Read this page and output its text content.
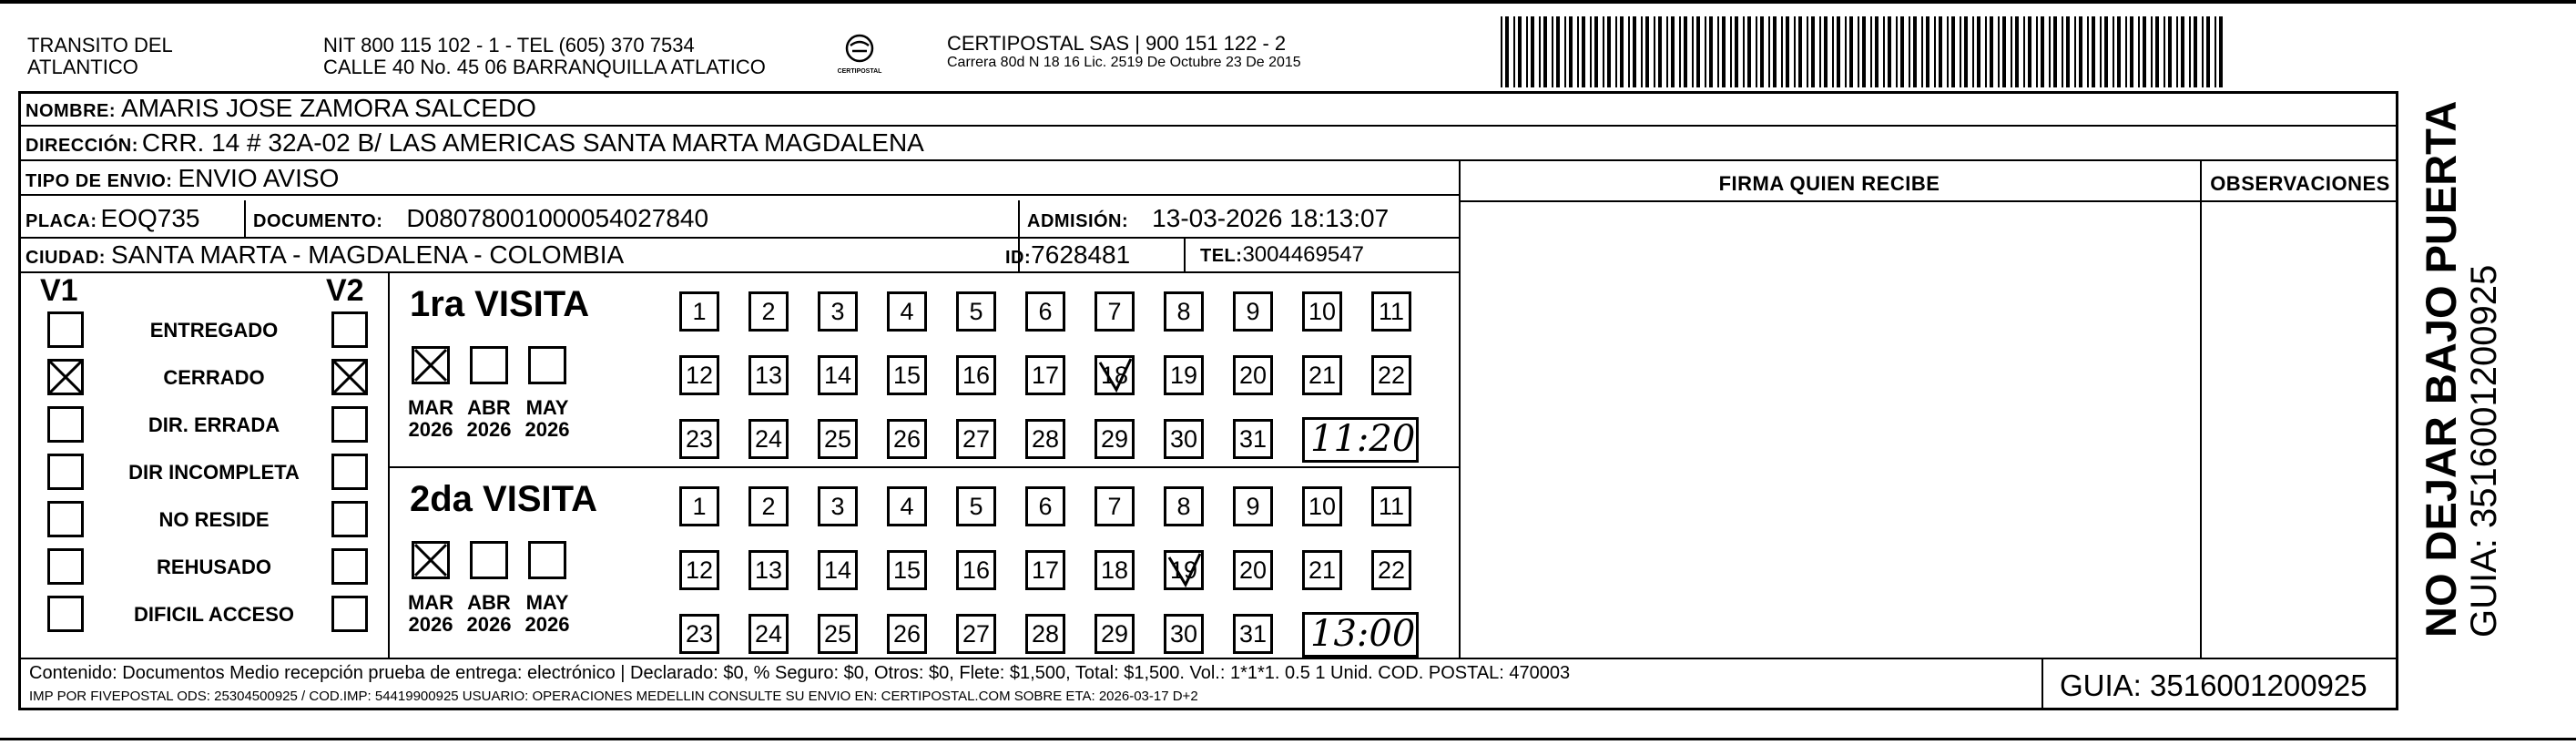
TRANSITO DEL
ATLANTICO
NIT 800 115 102 - 1 - TEL (605) 370 7534
CALLE 40 No. 45 06 BARRANQUILLA ATLATICO	CERTIPOSTAL
CERTIPOSTAL SAS | 900 151 122 - 2
Carrera 80d N 18 16 Lic. 2519 De Octubre 23 De 2015
NOMBRE: AMARIS JOSE ZAMORA SALCEDO
DIRECCIÓN: CRR. 14 # 32A-02 B/ LAS AMERICAS SANTA MARTA MAGDALENA
TIPO DE ENVIO: ENVIO AVISO
PLACA: EOQ735	DOCUMENTO: D08078001000054027840	ADMISIÓN: 13-03-2026 18:13:07
CIUDAD: SANTA MARTA - MAGDALENA - COLOMBIA	ID: 7628481	TEL: 3004469547
FIRMA QUIEN RECIBE	OBSERVACIONES
V1	V2
ENTREGADO
CERRADO
DIR. ERRADA
DIR INCOMPLETA
NO RESIDE
REHUSADO
DIFICIL ACCESO
1ra VISITA
MAR
2026
ABR
2026
MAY
2026
1	2	3	4	5	6	7	8	9	10 11
12 13 14 15 16 17 18 19 20 21 22
23 24 25 26 27 28 29 30 31 11:20
2da VISITA
MAR
2026
ABR
2026
MAY
2026
1	2	3	4	5	6	7	8	9	10 11
12 13 14 15 16 17 18 19 20 21 22
23 24 25 26 27 28 29 30 31 13:00	NO DEJAR BAJO PUERTA GUIA: 3516001200925
Contenido: Documentos Medio recepción prueba de entrega: electrónico | Declarado: $0, % Seguro: $0, Otros: $0, Flete: $1,500, Total: $1,500. Vol.: 1*1*1. 0.5 1 Unid. COD. POSTAL: 470003
IMP POR FIVEPOSTAL ODS: 25304500925 / COD.IMP: 54419900925 USUARIO: OPERACIONES MEDELLIN CONSULTE SU ENVIO EN: CERTIPOSTAL.COM SOBRE ETA: 2026-03-17 D+2	GUIA: 3516001200925
